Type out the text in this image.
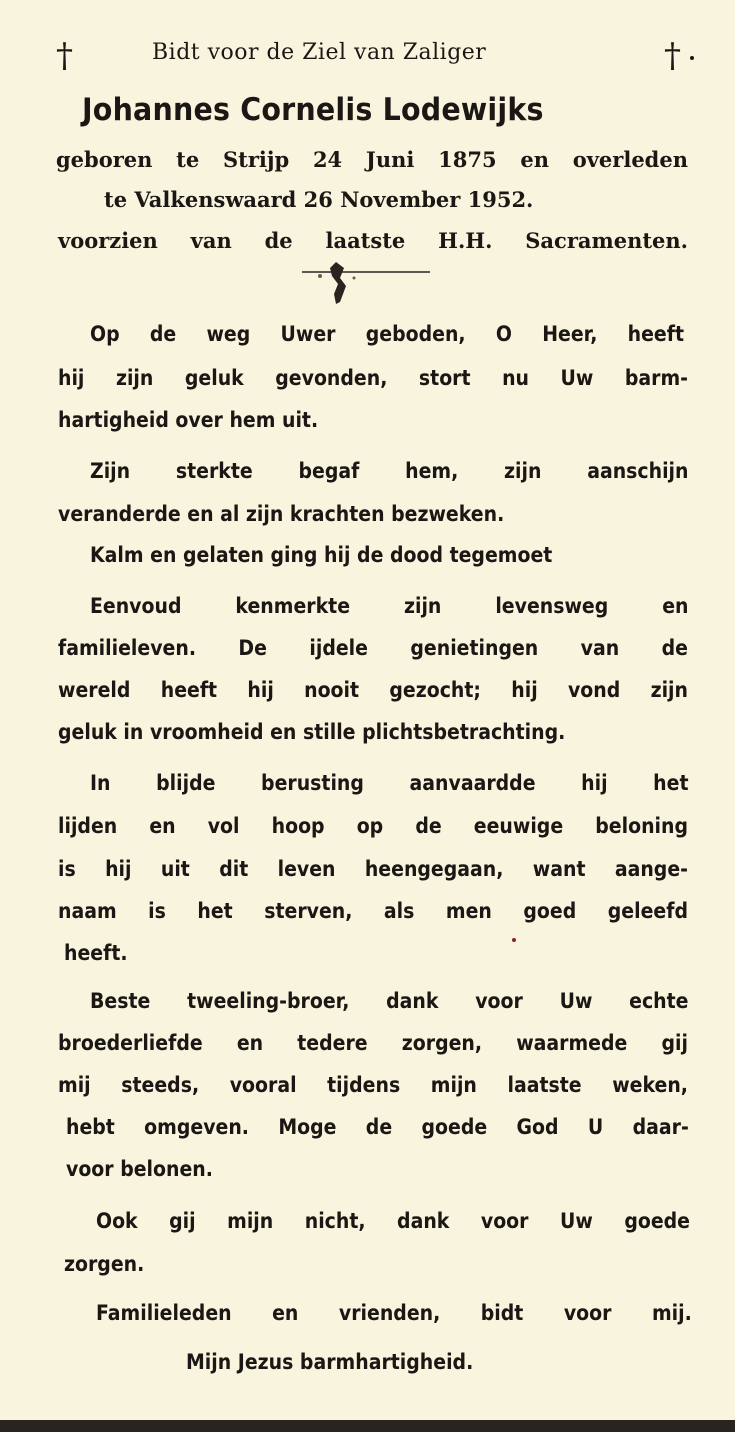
†	†
Bidt voor de Ziel van Zaliger
Johannes Cornelis Lodewijks
geboren te Strijp 24 Juni 1875 en overleden
te Valkenswaard 26 November 1952.
voorzien van de laatste H.H. Sacramenten.
Op de weg Uwer geboden, O Heer, heeft
hij zijn geluk gevonden, stort nu Uw barm-
hartigheid over hem uit.
Zijn sterkte begaf hem, zijn aanschijn
veranderde en al zijn krachten bezweken.
Kalm en gelaten ging hij de dood tegemoet
Eenvoud kenmerkte zijn levensweg en
familieleven. De ijdele genietingen van de
wereld heeft hij nooit gezocht; hij vond zijn
geluk in vroomheid en stille plichtsbetrachting.
In blijde berusting aanvaardde hij het
lijden en vol hoop op de eeuwige beloning
is hij uit dit leven heengegaan, want aange-
naam is het sterven, als men goed geleefd
heeft.
Beste tweeling-broer, dank voor Uw echte
broederliefde en tedere zorgen, waarmede gij
mij steeds, vooral tijdens mijn laatste weken,
hebt omgeven. Moge de goede God U daar-
voor belonen.
Ook gij mijn nicht, dank voor Uw goede
zorgen.
Familieleden en vrienden, bidt voor mij.
Mijn Jezus barmhartigheid.
